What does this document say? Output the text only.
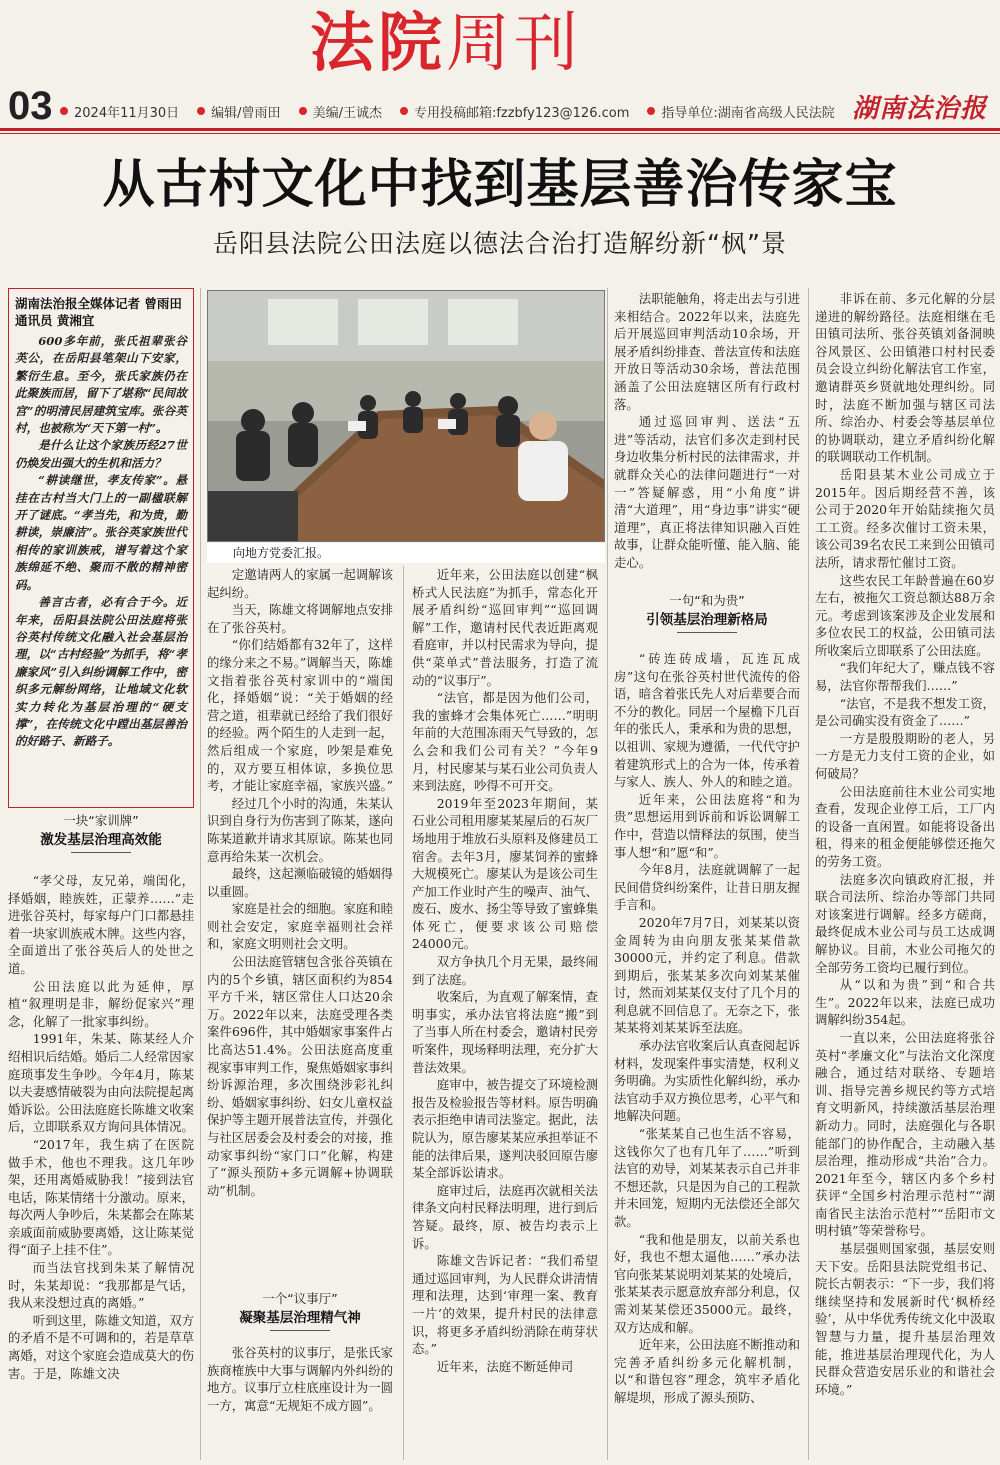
法院周刊
03 2024年11月30日 编辑/曾雨田 美编/王诚杰 专用投稿邮箱:fzzbfy123@126.com 指导单位:湖南省高级人民法院 湖南法治报
从古村文化中找到基层善治传家宝
岳阳县法院公田法庭以德法合治打造解纷新“枫”景
湖南法治报全媒体记者 曾雨田
通讯员 黄湘宜

600多年前，张氏祖辈张谷英公，在岳阳县笔架山下安家，繁衍生息。至今，张氏家族仍在此聚族而居，留下了堪称“民间故宫”的明清民居建筑宝库。张谷英村，也被称为“天下第一村”。

是什么让这个家族历经27世仍焕发出强大的生机和活力？

“耕读继世，孝友传家”。悬挂在古村当大门上的一副楹联解开了谜底。“孝当先，和为贵，勤耕读，崇廉洁”。张谷英家族世代相传的家训族戒，谱写着这个家族绵延不绝、聚而不散的精神密码。

善言古者，必有合于今。近年来，岳阳县法院公田法庭将张谷英村传统文化融入社会基层治理，以“古村经验”为抓手，将“孝廉家风”引入纠纷调解工作中，密织多元解纷网络，让地域文化软实力转化为基层治理的“硬支撑”，在传统文化中蹚出基层善治的好路子、新路子。

一块“家训牌”
激发基层治理高效能

“孝父母，友兄弟，端闺化，择婚姻，睦族姓，正蒙养……”走进张谷英村，每家每户门口都悬挂着一块家训族戒木牌。这些内容，全面道出了张谷英后人的处世之道。

公田法庭以此为延伸，厚植“叙理明是非，解纷促家兴”理念，化解了一批家事纠纷。

1991年，朱某、陈某经人介绍相识后结婚。婚后二人经常因家庭琐事发生争吵。今年4月，陈某以夫妻感情破裂为由向法院提起离婚诉讼。公田法庭庭长陈雄文收案后，立即联系双方询问具体情况。

“2017年，我生病了在医院做手术，他也不理我。这几年吵架，还用离婚威胁我！”接到法官电话，陈某情绪十分激动。原来，每次两人争吵后，朱某都会在陈某亲戚面前威胁要离婚，这让陈某觉得“面子上挂不住”。

而当法官找到朱某了解情况时，朱某却说：“我那都是气话，我从来没想过真的离婚。”

听到这里，陈雄文知道，双方的矛盾不是不可调和的，若是草草离婚，对这个家庭会造成莫大的伤害。于是，陈雄文决

向地方党委汇报。

定邀请两人的家属一起调解该起纠纷。

当天，陈雄文将调解地点安排在了张谷英村。

“你们结婚都有32年了，这样的缘分来之不易。”调解当天，陈雄文指着张谷英村家训中的“端闺化，择婚姻”说：“关于婚姻的经营之道，祖辈就已经给了我们很好的经验。两个陌生的人走到一起，然后组成一个家庭，吵架是难免的，双方要互相体谅，多换位思考，才能让家庭幸福，家族兴盛。”

经过几个小时的沟通，朱某认识到自身行为伤害到了陈某，遂向陈某道歉并请求其原谅。陈某也同意再给朱某一次机会。

最终，这起濒临破镜的婚姻得以重圆。

家庭是社会的细胞。家庭和睦则社会安定，家庭幸福则社会祥和，家庭文明则社会文明。

公田法庭管辖包含张谷英镇在内的5个乡镇，辖区面积约为854平方千米，辖区常住人口达20余万。2022年以来，法庭受理各类案件696件，其中婚姻家事案件占比高达51.4%。公田法庭高度重视家事审判工作，聚焦婚姻家事纠纷诉源治理，多次围绕涉彩礼纠纷、婚姻家事纠纷、妇女儿童权益保护等主题开展普法宣传，并强化与社区居委会及村委会的对接，推动家事纠纷“家门口”化解，构建了“源头预防+多元调解+协调联动”机制。

一个“议事厅”
凝聚基层治理精气神

张谷英村的议事厅，是张氏家族商榷族中大事与调解内外纠纷的地方。议事厅立柱底座设计为一圆一方，寓意“无规矩不成方圆”。

近年来，公田法庭以创建“枫桥式人民法庭”为抓手，常态化开展矛盾纠纷“巡回审判”“巡回调解”工作，邀请村民代表近距离观看庭审，并以村民需求为导向，提供“菜单式”普法服务，打造了流动的“议事厅”。

“法官，都是因为他们公司，我的蜜蜂才会集体死亡……”明明年前的大范围冻雨天气导致的，怎么会和我们公司有关？”今年9月，村民廖某与某石业公司负责人来到法庭，吵得不可开交。

2019年至2023年期间，某石业公司租用廖某某屋后的石灰厂场地用于堆放石头原料及修建员工宿舍。去年3月，廖某饲养的蜜蜂大规模死亡。廖某认为是该公司生产加工作业时产生的噪声、油气、废石、废水、扬尘等导致了蜜蜂集体死亡，便要求该公司赔偿24000元。

双方争执几个月无果，最终闹到了法庭。

收案后，为直观了解案情，查明事实，承办法官将法庭“搬”到了当事人所在村委会，邀请村民旁听案件，现场释明法理，充分扩大普法效果。

庭审中，被告提交了环境检测报告及检验报告等材料。原告明确表示拒绝申请司法鉴定。据此，法院认为，原告廖某某应承担举证不能的法律后果，遂判决驳回原告廖某全部诉讼请求。

庭审过后，法庭再次就相关法律条文向村民释法明理，进行到后答疑。最终，原、被告均表示上诉。

陈雄文告诉记者：“我们希望通过巡回审判，为人民群众讲清情理和法理，达到‘审理一案、教育一片’的效果，提升村民的法律意识，将更多矛盾纠纷消除在萌芽状态。”

近年来，法庭不断延伸司

法职能触角，将走出去与引进来相结合。2022年以来，法庭先后开展巡回审判活动10余场，开展矛盾纠纷排查、普法宣传和法庭开放日等活动30余场，普法范围涵盖了公田法庭辖区所有行政村落。

通过巡回审判、送法“五进”等活动，法官们多次走到村民身边收集分析村民的法律需求，并就群众关心的法律问题进行“一对一”答疑解惑，用“小角度”讲清“大道理”，用“身边事”讲实“硬道理”，真正将法律知识融入百姓故事，让群众能听懂、能入脑、能走心。

一句“和为贵”
引领基层治理新格局

“砖连砖成墙，瓦连瓦成房”这句在张谷英村世代流传的俗语，暗含着张氏先人对后辈要合而不分的教化。同居一个屋檐下几百年的张氏人，秉承和为贵的思想，以祖训、家规为遵循，一代代守护着建筑形式上的合为一体，传承着与家人、族人、外人的和睦之道。

近年来，公田法庭将“和为贵”思想运用到诉前和诉讼调解工作中，营造以情释法的氛围，使当事人想“和”愿“和”。

今年8月，法庭就调解了一起民间借贷纠纷案件，让昔日朋友握手言和。

2020年7月7日，刘某某以资金周转为由向朋友张某某借款30000元，并约定了利息。借款到期后，张某某多次向刘某某催讨，然而刘某某仅支付了几个月的利息就不回信息了。无奈之下，张某某将刘某某诉至法庭。

承办法官收案后认真查阅起诉材料，发现案件事实清楚，权利义务明确。为实质性化解纠纷，承办法官动手双方换位思考，心平气和地解决问题。

“张某某自己也生活不容易，这钱你欠了也有几年了……”听到法官的劝导，刘某某表示自己并非不想还款，只是因为自己的工程款并未回笼，短期内无法偿还全部欠款。

“我和他是朋友，以前关系也好，我也不想太逼他……”承办法官向张某某说明刘某某的处境后，张某某表示愿意放弃部分利息，仅需刘某某偿还35000元。最终，双方达成和解。

近年来，公田法庭不断推动和完善矛盾纠纷多元化解机制，以“和谐包容”理念，筑牢矛盾化解堤坝，形成了源头预防、

非诉在前、多元化解的分层递进的解纷路径。法庭相继在毛田镇司法所、张谷英镇刘备洞映谷风景区、公田镇港口村村民委员会设立纠纷化解法官工作室，邀请群英乡贤就地处理纠纷。同时，法庭不断加强与辖区司法所、综治办、村委会等基层单位的协调联动，建立矛盾纠纷化解的联调联动工作机制。

岳阳县某木业公司成立于2015年。因后期经营不善，该公司于2020年开始陆续拖欠员工工资。经多次催讨工资未果，该公司39名农民工来到公田镇司法所，请求帮忙催讨工资。

这些农民工年龄普遍在60岁左右，被拖欠工资总额达88万余元。考虑到该案涉及企业发展和多位农民工的权益，公田镇司法所收案后立即联系了公田法庭。

“我们年纪大了，赚点钱不容易，法官你帮帮我们……”

“法官，不是我不想发工资，是公司确实没有资金了……”

一方是殷殷期盼的老人，另一方是无力支付工资的企业，如何破局？

公田法庭前往木业公司实地查看，发现企业停工后，工厂内的设备一直闲置。如能将设备出租，得来的租金便能够偿还拖欠的劳务工资。

法庭多次向镇政府汇报，并联合司法所、综治办等部门共同对该案进行调解。经多方磋商，最终促成木业公司与员工达成调解协议。目前，木业公司拖欠的全部劳务工资均已履行到位。

从“以和为贵”到“和合共生”。2022年以来，法庭已成功调解纠纷354起。

一直以来，公田法庭将张谷英村“孝廉文化”与法治文化深度融合，通过结对联络、专题培训、指导完善乡规民约等方式培育文明新风，持续激活基层治理新动力。同时，法庭强化与各职能部门的协作配合，主动融入基层治理，推动形成“共治”合力。2021年至今，辖区内多个乡村获评“全国乡村治理示范村”“湖南省民主法治示范村”“岳阳市文明村镇”等荣誉称号。

基层强则国家强，基层安则天下安。岳阳县法院党组书记、院长古朝表示：“下一步，我们将继续坚持和发展新时代‘枫桥经验’，从中华优秀传统文化中汲取智慧与力量，提升基层治理效能，推进基层治理现代化，为人民群众营造安居乐业的和谐社会环境。”
